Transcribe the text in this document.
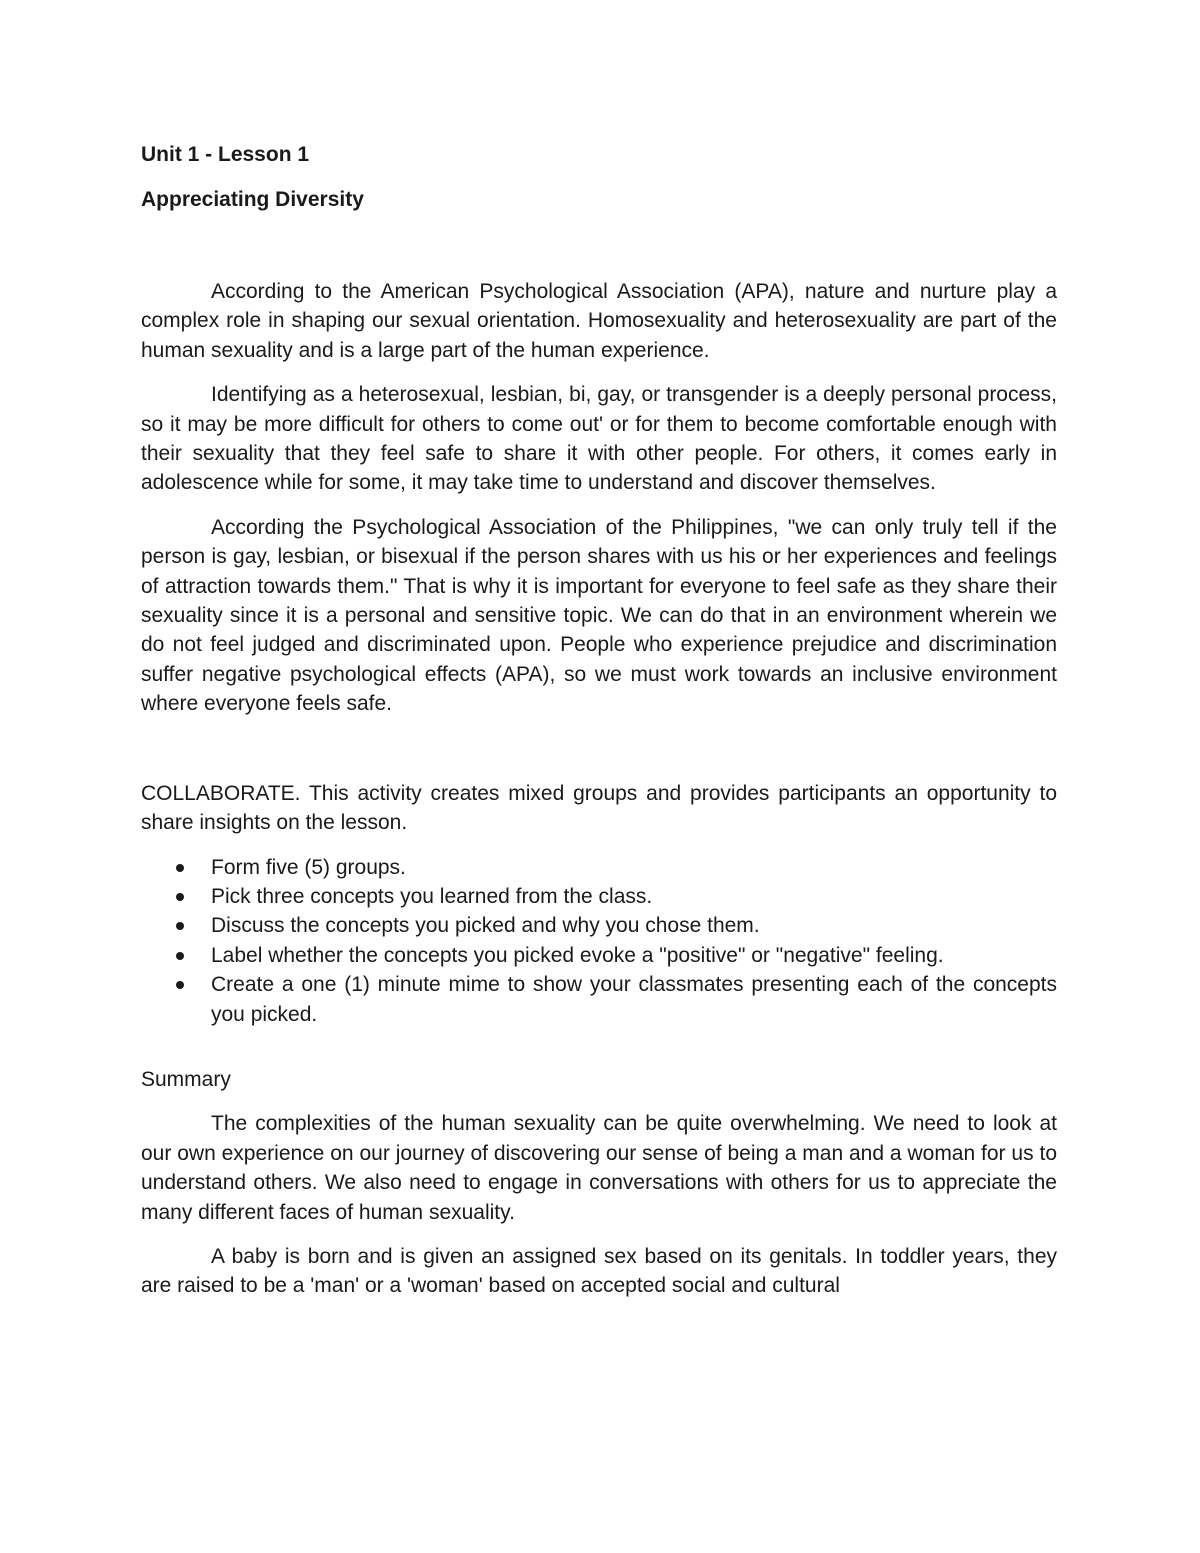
Unit 1 - Lesson 1

Appreciating Diversity

According to the American Psychological Association (APA), nature and nurture play a complex role in shaping our sexual orientation. Homosexuality and heterosexuality are part of the human sexuality and is a large part of the human experience.

Identifying as a heterosexual, lesbian, bi, gay, or transgender is a deeply personal process, so it may be more difficult for others to come out' or for them to become comfortable enough with their sexuality that they feel safe to share it with other people. For others, it comes early in adolescence while for some, it may take time to understand and discover themselves.

According the Psychological Association of the Philippines, "we can only truly tell if the person is gay, lesbian, or bisexual if the person shares with us his or her experiences and feelings of attraction towards them." That is why it is important for everyone to feel safe as they share their sexuality since it is a personal and sensitive topic. We can do that in an environment wherein we do not feel judged and discriminated upon. People who experience prejudice and discrimination suffer negative psychological effects (APA), so we must work towards an inclusive environment where everyone feels safe.

COLLABORATE. This activity creates mixed groups and provides participants an opportunity to share insights on the lesson.

Form five (5) groups.
Pick three concepts you learned from the class.
Discuss the concepts you picked and why you chose them.
Label whether the concepts you picked evoke a "positive" or "negative" feeling.
Create a one (1) minute mime to show your classmates presenting each of the concepts you picked.

Summary

The complexities of the human sexuality can be quite overwhelming. We need to look at our own experience on our journey of discovering our sense of being a man and a woman for us to understand others. We also need to engage in conversations with others for us to appreciate the many different faces of human sexuality.

A baby is born and is given an assigned sex based on its genitals. In toddler years, they are raised to be a 'man' or a 'woman' based on accepted social and cultural
